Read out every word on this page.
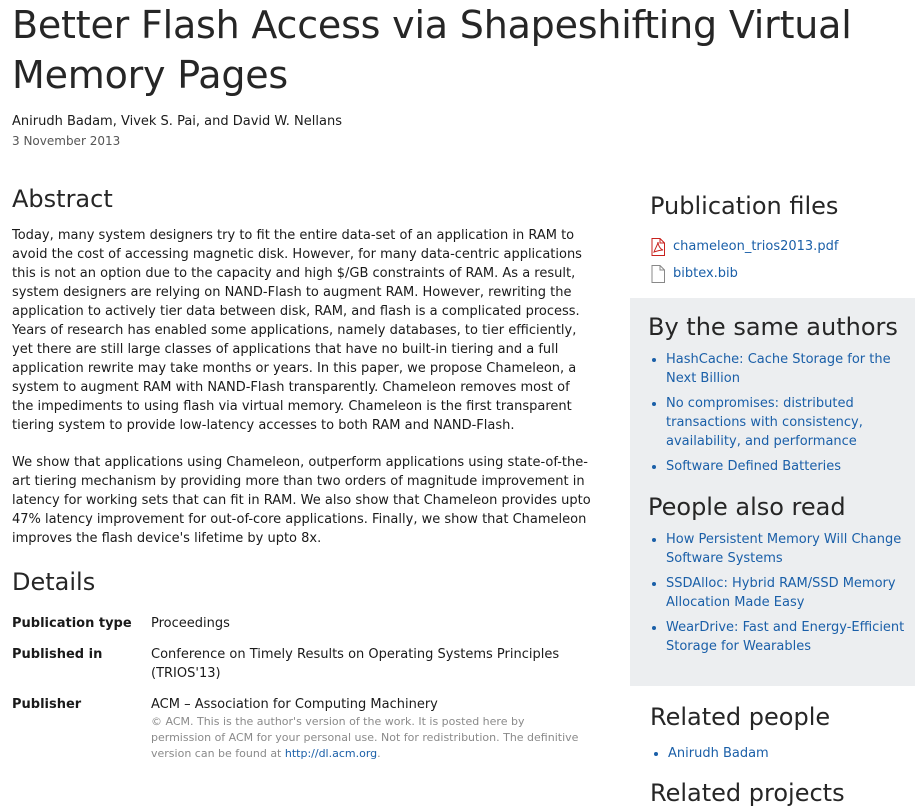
Better Flash Access via Shapeshifting Virtual Memory Pages

Anirudh Badam, Vivek S. Pai, and David W. Nellans

3 November 2013

Abstract

Today, many system designers try to fit the entire data-set of an application in RAM to avoid the cost of accessing magnetic disk. However, for many data-centric applications this is not an option due to the capacity and high $/GB constraints of RAM. As a result, system designers are relying on NAND-Flash to augment RAM. However, rewriting the application to actively tier data between disk, RAM, and flash is a complicated process. Years of research has enabled some applications, namely databases, to tier efficiently, yet there are still large classes of applications that have no built-in tiering and a full application rewrite may take months or years. In this paper, we propose Chameleon, a system to augment RAM with NAND-Flash transparently. Chameleon removes most of the impediments to using flash via virtual memory. Chameleon is the first transparent tiering system to provide low-latency accesses to both RAM and NAND-Flash.

We show that applications using Chameleon, outperform applications using state-of-the-art tiering mechanism by providing more than two orders of magnitude improvement in latency for working sets that can fit in RAM. We also show that Chameleon provides upto 47% latency improvement for out-of-core applications. Finally, we show that Chameleon improves the flash device's lifetime by upto 8x.

Details
Publication type	Proceedings
Published in	Conference on Timely Results on Operating Systems Principles (TRIOS'13)
Publisher	ACM – Association for Computing Machinery
© ACM. This is the author's version of the work. It is posted here by permission of ACM for your personal use. Not for redistribution. The definitive version can be found at http://dl.acm.org.
Publication files
chameleon_trios2013.pdf
bibtex.bib
By the same authors
• HashCache: Cache Storage for the Next Billion
• No compromises: distributed transactions with consistency, availability, and performance
• Software Defined Batteries
People also read
• How Persistent Memory Will Change Software Systems
• SSDAlloc: Hybrid RAM/SSD Memory Allocation Made Easy
• WearDrive: Fast and Energy-Efficient Storage for Wearables
Related people
• Anirudh Badam
Related projects
